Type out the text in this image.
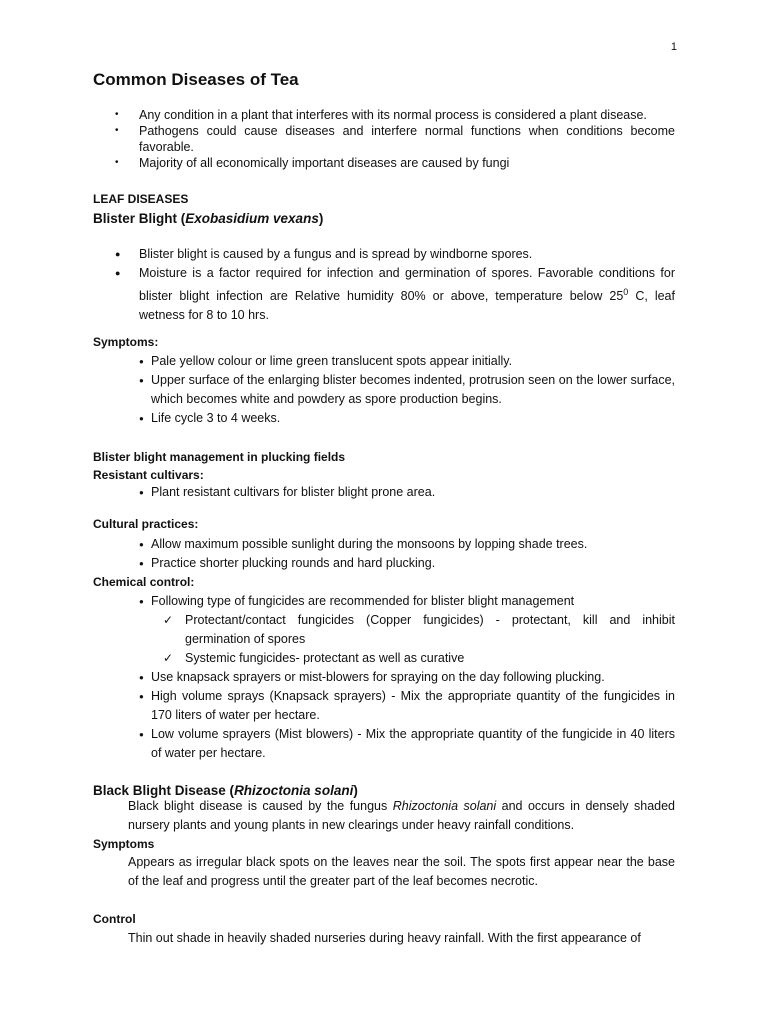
1
Common Diseases of Tea
• Any condition in a plant that interferes with its normal process is considered a plant disease.
• Pathogens could cause diseases and interfere normal functions when conditions become favorable.
• Majority of all economically important diseases are caused by fungi
LEAF DISEASES
Blister Blight (Exobasidium vexans)
● Blister blight is caused by a fungus and is spread by windborne spores.
● Moisture is a factor required for infection and germination of spores. Favorable conditions for blister blight infection are Relative humidity 80% or above, temperature below $25^0$ C, leaf wetness for 8 to 10 hrs.
Symptoms:
● Pale yellow colour or lime green translucent spots appear initially.
● Upper surface of the enlarging blister becomes indented, protrusion seen on the lower surface, which becomes white and powdery as spore production begins.
● Life cycle 3 to 4 weeks.
Blister blight management in plucking fields
Resistant cultivars:
● Plant resistant cultivars for blister blight prone area.
Cultural practices:
● Allow maximum possible sunlight during the monsoons by lopping shade trees.
● Practice shorter plucking rounds and hard plucking.
Chemical control:
● Following type of fungicides are recommended for blister blight management
✓ Protectant/contact fungicides (Copper fungicides) - protectant, kill and inhibit germination of spores
✓ Systemic fungicides- protectant as well as curative
● Use knapsack sprayers or mist-blowers for spraying on the day following plucking.
● High volume sprays (Knapsack sprayers) - Mix the appropriate quantity of the fungicides in 170 liters of water per hectare.
● Low volume sprayers (Mist blowers) - Mix the appropriate quantity of the fungicide in 40 liters of water per hectare.
Black Blight Disease (Rhizoctonia solani)

Black blight disease is caused by the fungus Rhizoctonia solani and occurs in densely shaded nursery plants and young plants in new clearings under heavy rainfall conditions.

Symptoms

Appears as irregular black spots on the leaves near the soil. The spots first appear near the base of the leaf and progress until the greater part of the leaf becomes necrotic.

Control

Thin out shade in heavily shaded nurseries during heavy rainfall. With the first appearance of
